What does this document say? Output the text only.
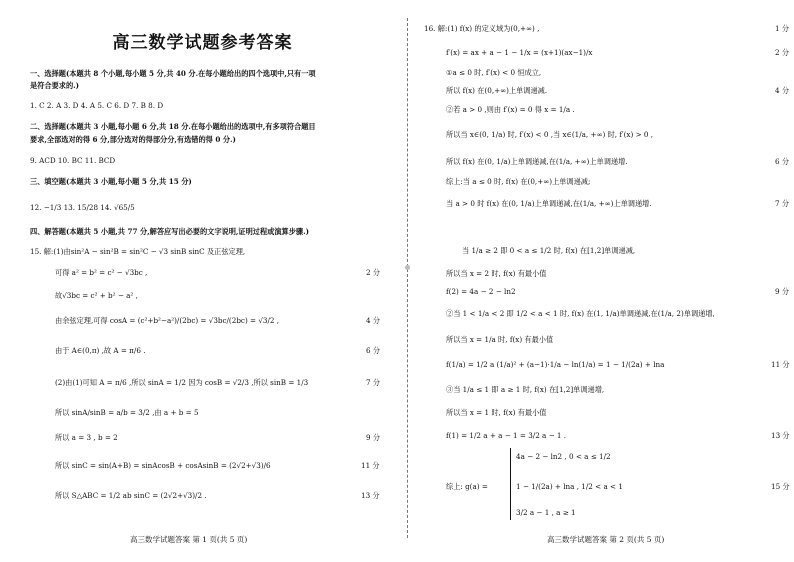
高三数学试题参考答案
一、选择题(本题共 8 个小题,每小题 5 分,共 40 分.在每小题给出的四个选项中,只有一项
是符合要求的.)
1. C 2. A 3. D 4. A 5. C 6. D 7. B 8. D
二、选择题(本题共 3 小题,每小题 6 分,共 18 分.在每小题给出的选项中,有多项符合题目
要求,全部选对的得 6 分,部分选对的得部分分,有选错的得 0 分.)
9. ACD 10. BC 11. BCD
三、填空题(本题共 3 小题,每小题 5 分,共 15 分)
12. −1/3 13. 15/28 14. √65/5
四、解答题(本题共 5 小题,共 77 分,解答应写出必要的文字说明,证明过程或演算步骤.)
15. 解:(1)由sin²A − sin²B = sin²C − √3 sinB sinC 及正弦定理,
可得 a² = b² = c² − √3bc ,	2 分
故√3bc = c² + b² − a² ,
由余弦定理,可得 cosA = (c²+b²−a²)/(2bc) = √3bc/(2bc) = √3/2 ,	4 分
由于 A∈(0,π) ,故 A = π/6 .	6 分
(2)由(1)可知 A = π/6 ,所以 sinA = 1/2 因为 cosB = √2/3 ,所以 sinB = 1/3	7 分
所以 sinA/sinB = a/b = 3/2 ,由 a + b = 5
所以 a = 3 , b = 2	9 分
所以 sinC = sin(A+B) = sinAcosB + cosAsinB = (2√2+√3)/6	11 分
所以 S△ABC = 1/2 ab sinC = (2√2+√3)/2 .	13 分
高三数学试题答案 第 1 页(共 5 页)
16. 解:(1) f(x) 的定义域为(0,+∞) ,	1 分
f′(x) = ax + a − 1 − 1/x = (x+1)(ax−1)/x	2 分
①a ≤ 0 时, f′(x) < 0 恒成立,
所以 f(x) 在(0,+∞)上单调递减.	4 分
②若 a > 0 ,则由 f′(x) = 0 得 x = 1/a .
所以当 x∈(0, 1/a) 时, f′(x) < 0 ,当 x∈(1/a, +∞) 时, f′(x) > 0 ,
所以 f(x) 在(0, 1/a)上单调递减,在(1/a, +∞)上单调递增.	6 分
综上:当 a ≤ 0 时, f(x) 在(0,+∞)上单调递减;
当 a > 0 时 f(x) 在(0, 1/a)上单调递减,在(1/a, +∞)上单调递增.	7 分
当 1/a ≥ 2 即 0 < a ≤ 1/2 时, f(x) 在[1,2]单调递减,
所以当 x = 2 时, f(x) 有最小值
f(2) = 4a − 2 − ln2	9 分
②当 1 < 1/a < 2 即 1/2 < a < 1 时, f(x) 在(1, 1/a)单调递减,在(1/a, 2)单调递增,
所以当 x = 1/a 时, f(x) 有最小值
f(1/a) = 1/2 a (1/a)² + (a−1)·1/a − ln(1/a) = 1 − 1/(2a) + lna	11 分
③当 1/a ≤ 1 即 a ≥ 1 时, f(x) 在[1,2]单调递增,
所以当 x = 1 时, f(x) 有最小值
f(1) = 1/2 a + a − 1 = 3/2 a − 1 .	13 分
综上: g(a) =
4a − 2 − ln2 , 0 < a ≤ 1/2
1 − 1/(2a) + lna , 1/2 < a < 1
3/2 a − 1 , a ≥ 1
15 分
高三数学试题答案 第 2 页(共 5 页)
